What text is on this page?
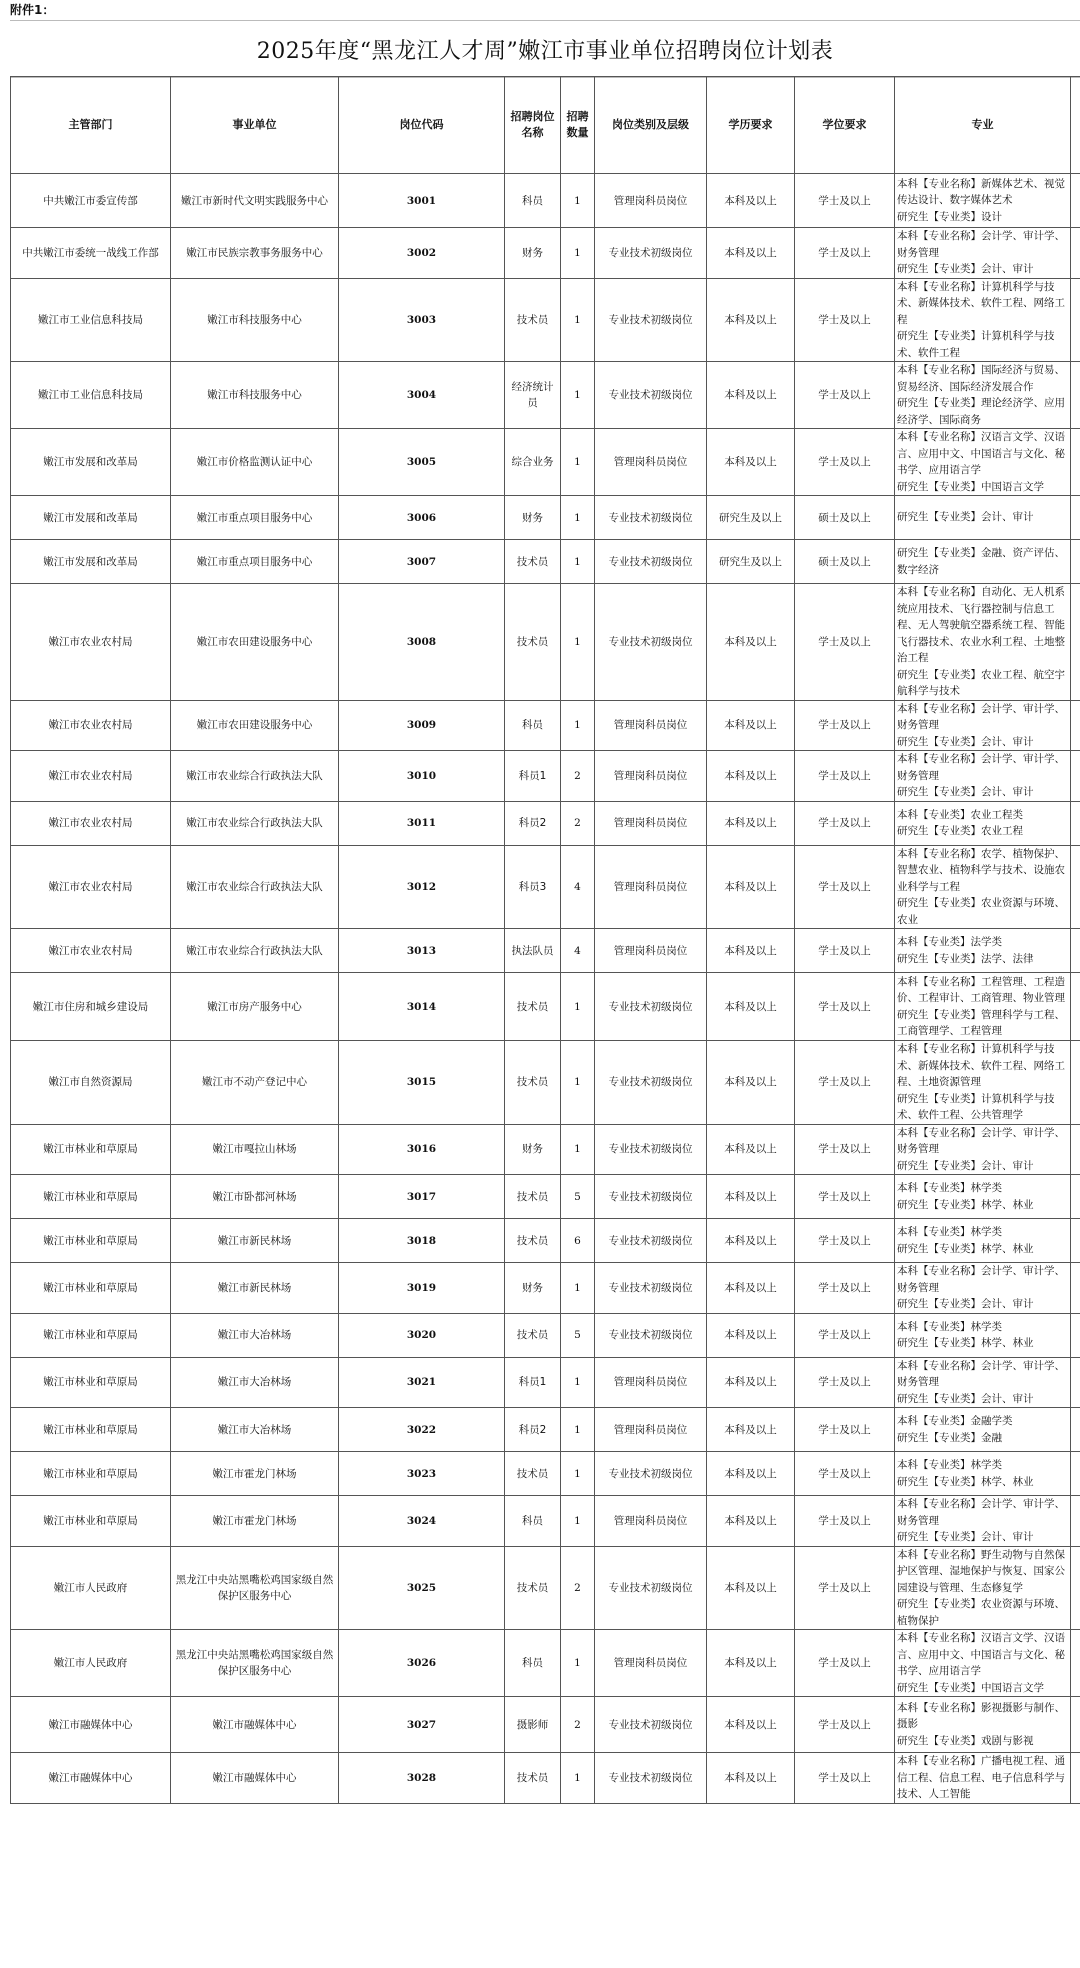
附件1：
2025年度“黑龙江人才周”嫩江市事业单位招聘岗位计划表
主管部门	事业单位	岗位代码	招聘岗位名称	招聘数量	岗位类别及层级	学历要求	学位要求	专业	
中共嫩江市委宣传部	嫩江市新时代文明实践服务中心	3001	科员	1	管理岗科员岗位	本科及以上	学士及以上	本科【专业名称】新媒体艺术、视觉传达设计、数字媒体艺术
研究生【专业类】设计	
中共嫩江市委统一战线工作部	嫩江市民族宗教事务服务中心	3002	财务	1	专业技术初级岗位	本科及以上	学士及以上	本科【专业名称】会计学、审计学、财务管理
研究生【专业类】会计、审计	
嫩江市工业信息科技局	嫩江市科技服务中心	3003	技术员	1	专业技术初级岗位	本科及以上	学士及以上	本科【专业名称】计算机科学与技术、新媒体技术、软件工程、网络工程
研究生【专业类】计算机科学与技术、软件工程	
嫩江市工业信息科技局	嫩江市科技服务中心	3004	经济统计员	1	专业技术初级岗位	本科及以上	学士及以上	本科【专业名称】国际经济与贸易、贸易经济、国际经济发展合作
研究生【专业类】理论经济学、应用经济学、国际商务	
嫩江市发展和改革局	嫩江市价格监测认证中心	3005	综合业务	1	管理岗科员岗位	本科及以上	学士及以上	本科【专业名称】汉语言文学、汉语言、应用中文、中国语言与文化、秘书学、应用语言学
研究生【专业类】中国语言文学	
嫩江市发展和改革局	嫩江市重点项目服务中心	3006	财务	1	专业技术初级岗位	研究生及以上	硕士及以上	研究生【专业类】会计、审计	
嫩江市发展和改革局	嫩江市重点项目服务中心	3007	技术员	1	专业技术初级岗位	研究生及以上	硕士及以上	研究生【专业类】金融、资产评估、数字经济	
嫩江市农业农村局	嫩江市农田建设服务中心	3008	技术员	1	专业技术初级岗位	本科及以上	学士及以上	本科【专业名称】自动化、无人机系统应用技术、飞行器控制与信息工程、无人驾驶航空器系统工程、智能飞行器技术、农业水利工程、土地整治工程
研究生【专业类】农业工程、航空宇航科学与技术	
嫩江市农业农村局	嫩江市农田建设服务中心	3009	科员	1	管理岗科员岗位	本科及以上	学士及以上	本科【专业名称】会计学、审计学、财务管理
研究生【专业类】会计、审计	
嫩江市农业农村局	嫩江市农业综合行政执法大队	3010	科员1	2	管理岗科员岗位	本科及以上	学士及以上	本科【专业名称】会计学、审计学、财务管理
研究生【专业类】会计、审计	
嫩江市农业农村局	嫩江市农业综合行政执法大队	3011	科员2	2	管理岗科员岗位	本科及以上	学士及以上	本科【专业类】农业工程类
研究生【专业类】农业工程	
嫩江市农业农村局	嫩江市农业综合行政执法大队	3012	科员3	4	管理岗科员岗位	本科及以上	学士及以上	本科【专业名称】农学、植物保护、智慧农业、植物科学与技术、设施农业科学与工程
研究生【专业类】农业资源与环境、农业	
嫩江市农业农村局	嫩江市农业综合行政执法大队	3013	执法队员	4	管理岗科员岗位	本科及以上	学士及以上	本科【专业类】法学类
研究生【专业类】法学、法律	
嫩江市住房和城乡建设局	嫩江市房产服务中心	3014	技术员	1	专业技术初级岗位	本科及以上	学士及以上	本科【专业名称】工程管理、工程造价、工程审计、工商管理、物业管理
研究生【专业类】管理科学与工程、工商管理学、工程管理	
嫩江市自然资源局	嫩江市不动产登记中心	3015	技术员	1	专业技术初级岗位	本科及以上	学士及以上	本科【专业名称】计算机科学与技术、新媒体技术、软件工程、网络工程、土地资源管理
研究生【专业类】计算机科学与技术、软件工程、公共管理学	
嫩江市林业和草原局	嫩江市嘎拉山林场	3016	财务	1	专业技术初级岗位	本科及以上	学士及以上	本科【专业名称】会计学、审计学、财务管理
研究生【专业类】会计、审计	
嫩江市林业和草原局	嫩江市卧都河林场	3017	技术员	5	专业技术初级岗位	本科及以上	学士及以上	本科【专业类】林学类
研究生【专业类】林学、林业	
嫩江市林业和草原局	嫩江市新民林场	3018	技术员	6	专业技术初级岗位	本科及以上	学士及以上	本科【专业类】林学类
研究生【专业类】林学、林业	
嫩江市林业和草原局	嫩江市新民林场	3019	财务	1	专业技术初级岗位	本科及以上	学士及以上	本科【专业名称】会计学、审计学、财务管理
研究生【专业类】会计、审计	
嫩江市林业和草原局	嫩江市大冶林场	3020	技术员	5	专业技术初级岗位	本科及以上	学士及以上	本科【专业类】林学类
研究生【专业类】林学、林业	
嫩江市林业和草原局	嫩江市大冶林场	3021	科员1	1	管理岗科员岗位	本科及以上	学士及以上	本科【专业名称】会计学、审计学、财务管理
研究生【专业类】会计、审计	
嫩江市林业和草原局	嫩江市大冶林场	3022	科员2	1	管理岗科员岗位	本科及以上	学士及以上	本科【专业类】金融学类
研究生【专业类】金融	
嫩江市林业和草原局	嫩江市霍龙门林场	3023	技术员	1	专业技术初级岗位	本科及以上	学士及以上	本科【专业类】林学类
研究生【专业类】林学、林业	
嫩江市林业和草原局	嫩江市霍龙门林场	3024	科员	1	管理岗科员岗位	本科及以上	学士及以上	本科【专业名称】会计学、审计学、财务管理
研究生【专业类】会计、审计	
嫩江市人民政府	黑龙江中央站黑嘴松鸡国家级自然保护区服务中心	3025	技术员	2	专业技术初级岗位	本科及以上	学士及以上	本科【专业名称】野生动物与自然保护区管理、湿地保护与恢复、国家公园建设与管理、生态修复学
研究生【专业类】农业资源与环境、植物保护	
嫩江市人民政府	黑龙江中央站黑嘴松鸡国家级自然保护区服务中心	3026	科员	1	管理岗科员岗位	本科及以上	学士及以上	本科【专业名称】汉语言文学、汉语言、应用中文、中国语言与文化、秘书学、应用语言学
研究生【专业类】中国语言文学	
嫩江市融媒体中心	嫩江市融媒体中心	3027	摄影师	2	专业技术初级岗位	本科及以上	学士及以上	本科【专业名称】影视摄影与制作、摄影
研究生【专业类】戏剧与影视	
嫩江市融媒体中心	嫩江市融媒体中心	3028	技术员	1	专业技术初级岗位	本科及以上	学士及以上	本科【专业名称】广播电视工程、通信工程、信息工程、电子信息科学与技术、人工智能	
